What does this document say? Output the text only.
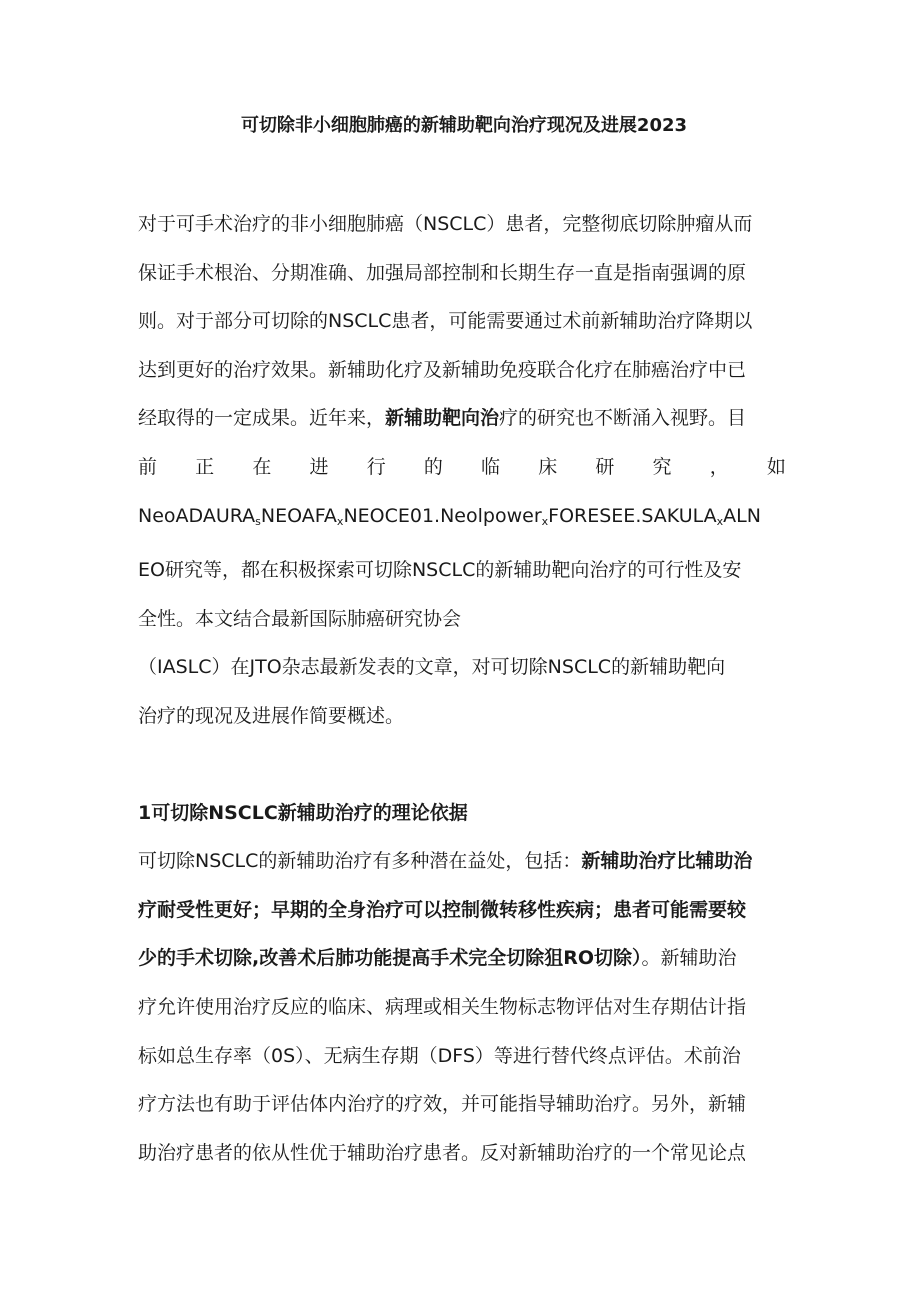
可切除非小细胞肺癌的新辅助靶向治疗现况及进展2023
对于可手术治疗的非小细胞肺癌（NSCLC）患者，完整彻底切除肿瘤从而
保证手术根治、分期准确、加强局部控制和长期生存一直是指南强调的原
则。对于部分可切除的NSCLC患者，可能需要通过术前新辅助治疗降期以
达到更好的治疗效果。新辅助化疗及新辅助免疫联合化疗在肺癌治疗中已
经取得的一定成果。近年来，新辅助靶向治疗的研究也不断涌入视野。目
前 正 在 进 行 的 临 床 研 究 ， 如
$NeoADAURA_sNEOAFA_xNEOCE01.Neolpower_xFORESEE.SAKULA_xALN$
EO研究等，都在积极探索可切除NSCLC的新辅助靶向治疗的可行性及安
全性。本文结合最新国际肺癌研究协会
（IASLC）在JTO杂志最新发表的文章，对可切除NSCLC的新辅助靶向
治疗的现况及进展作简要概述。
1可切除NSCLC新辅助治疗的理论依据
可切除NSCLC的新辅助治疗有多种潜在益处，包括：新辅助治疗比辅助治
疗耐受性更好；早期的全身治疗可以控制微转移性疾病；患者可能需要较
少的手术切除,改善术后肺功能提高手术完全切除狙RO切除）。新辅助治
疗允许使用治疗反应的临床、病理或相关生物标志物评估对生存期估计指
标如总生存率（0S）、无病生存期（DFS）等进行替代终点评估。术前治
疗方法也有助于评估体内治疗的疗效，并可能指导辅助治疗。另外，新辅
助治疗患者的依从性优于辅助治疗患者。反对新辅助治疗的一个常见论点
